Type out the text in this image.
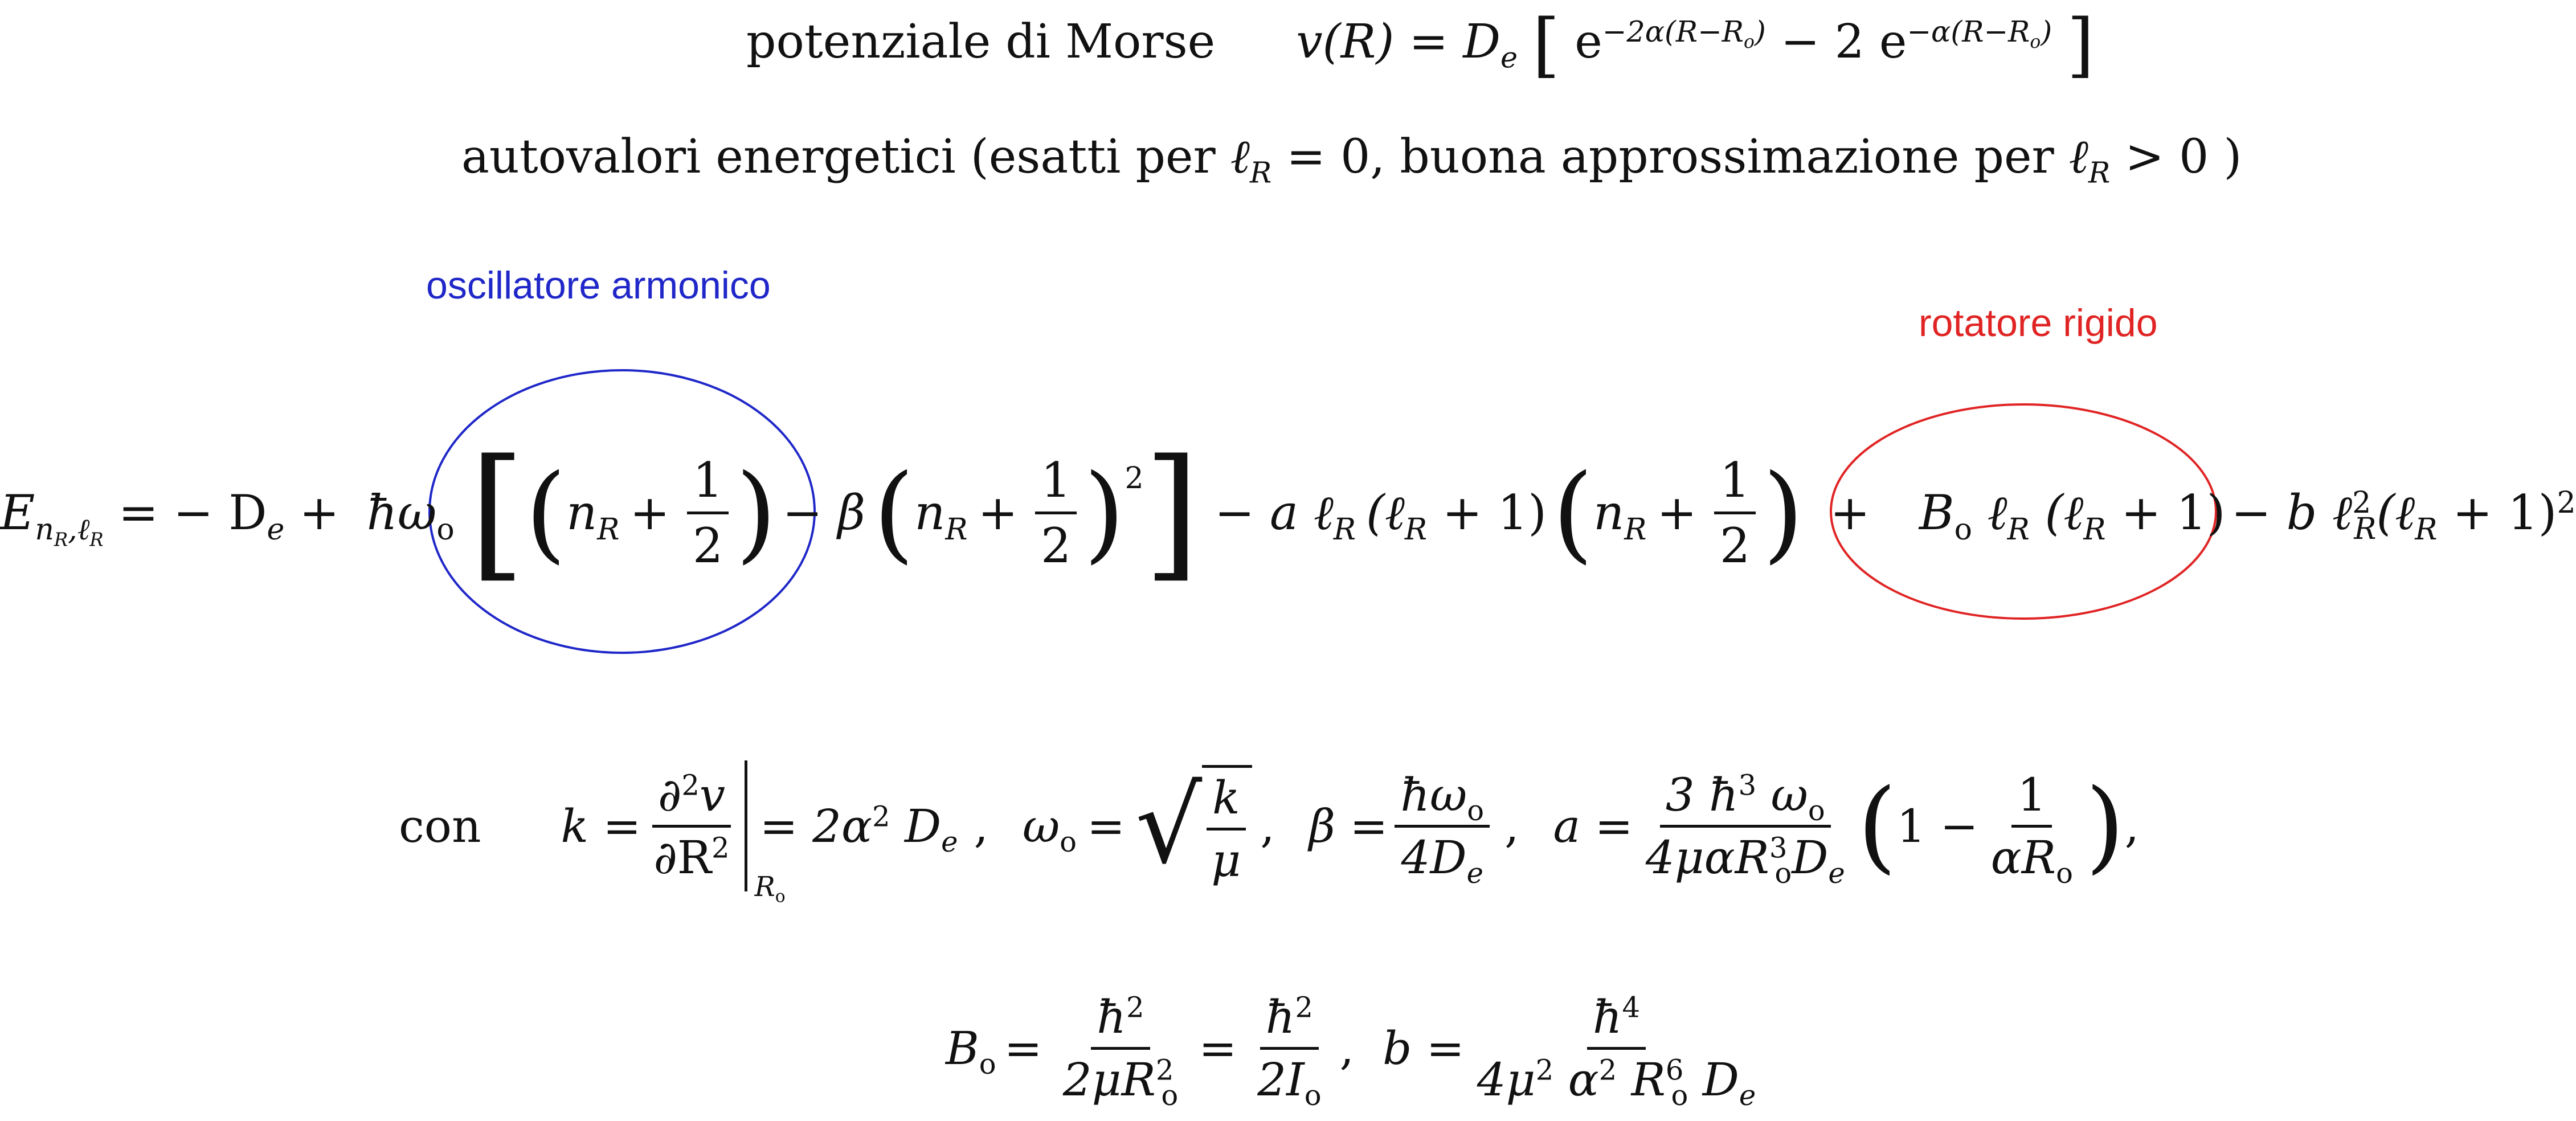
potenziale di Morse $v(R) = D_e$ [ $e^{-2\alpha(R-R_o)} - 2$ $e^{-\alpha(R-R_o)}$ ]
autovalori energetici (esatti per ℓ$_R$ = 0, buona approssimazione per ℓ$_R$ > 0 )
oscillatore armonico
rotatore rigido
$E_{n_R,\ell_R}$ = − $D_e$ + $ħ\omega_o$ [ ( $n_R + \frac{1}{2}$ ) − β ( $n_R + \frac{1}{2} )^2$ ] − a ℓ$_R$ (ℓ$_R$ + 1) ( $n_R + \frac{1}{2}$ ) + $B_o$ ℓ$_R$ (ℓ$_R$ + 1) − b ℓ$^2_R$(ℓ$_R$ + 1)$^2$
con $k = \frac{\partial^2v}{\partial R^2}$
$R_o$
= $2\alpha^2$ $D_e$ , $\omega_o$ = √ $\frac{k}{\mu}$ , $\beta = \frac{ħ\omega_o}{4D_e}$ , $a = \frac{3 ħ^3 \omega_o}{4\mu\alpha R^3_oD_e}$ ( $1 - \frac{1}{\alpha R_o}$ ) ,
$B_o = \frac{ħ^2}{2\mu R^2_o} = \frac{ħ^2}{2I_o}$ , $b = \frac{ħ^4}{4\mu^2 \alpha^2 R^6_o D_e}$
